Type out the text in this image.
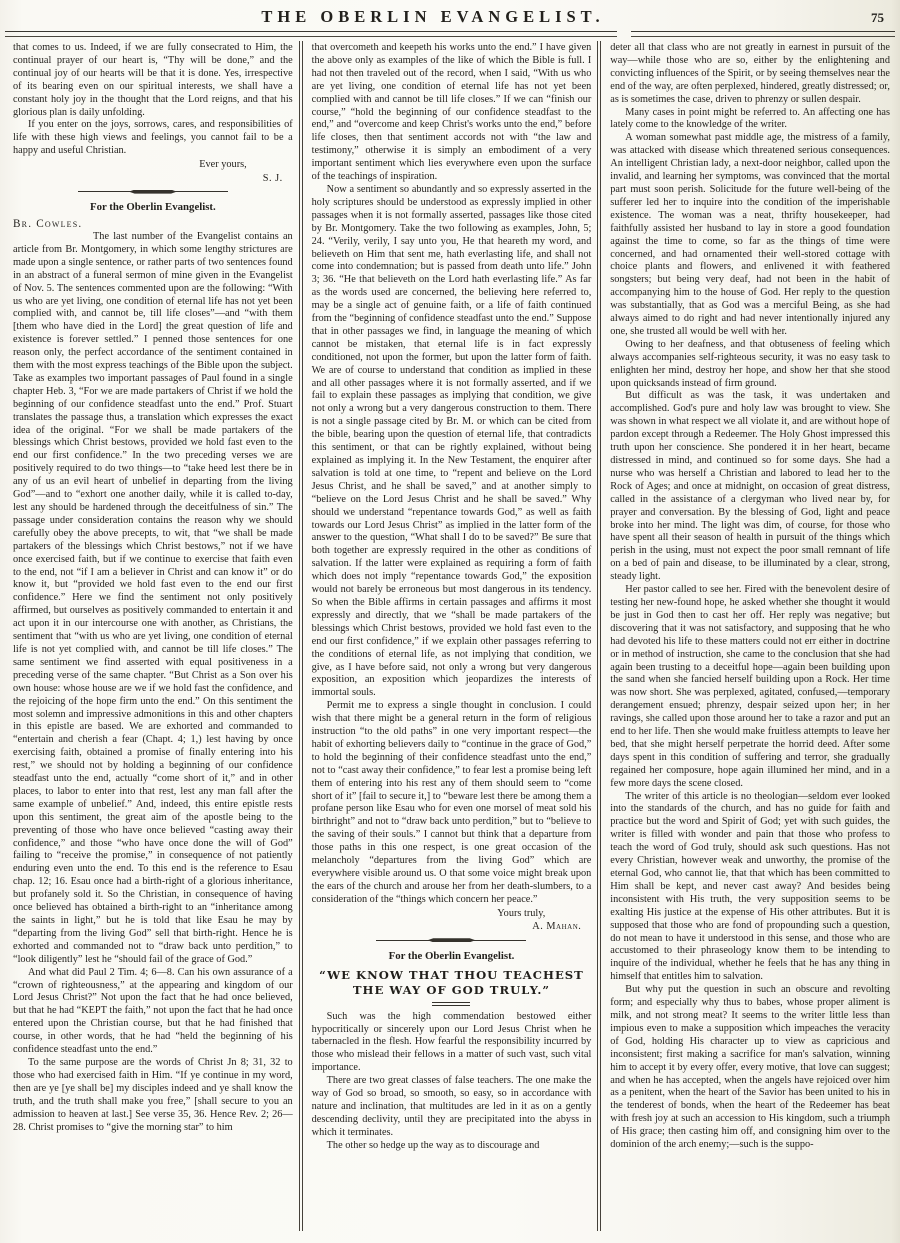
THE OBERLIN EVANGELIST.	75

that comes to us. Indeed, if we are fully consecrated to Him, the continual prayer of our heart is, “Thy will be done,” and the continual joy of our hearts will be that it is done. Yes, irrespective of its bearing even on our spiritual interests, we shall have a constant holy joy in the thought that the Lord reigns, and that his glorious plan is daily unfolding.

If you enter on the joys, sorrows, cares, and responsibilities of life with these high views and feelings, you cannot fail to be a happy and useful Christian.

Ever yours,
S. J.
For the Oberlin Evangelist.
Br. Cowles.

The last number of the Evangelist contains an article from Br. Montgomery, in which some lengthy strictures are made upon a single sentence, or rather parts of two sentences found in an abstract of a funeral sermon of mine given in the Evangelist of Nov. 5. The sentences commented upon are the following: “With us who are yet living, one condition of eternal life has not yet been complied with, and cannot be, till life closes”—and “with them [them who have died in the Lord] the great question of life and existence is forever settled.” I penned those sentences for one reason only, the perfect accordance of the sentiment contained in them with the most express teachings of the Bible upon the subject. Take as examples two important passages of Paul found in a single chapter Heb. 3, “For we are made partakers of Christ if we hold the beginning of our confidence steadfast unto the end.” Prof. Stuart translates the passage thus, a translation which expresses the exact idea of the original. “For we shall be made partakers of the blessings which Christ bestows, provided we hold fast even to the end our first confidence.” In the two preceding verses we are positively required to do two things—to “take heed lest there be in any of us an evil heart of unbelief in departing from the living God”—and to “exhort one another daily, while it is called to-day, lest any should be hardened through the deceitfulness of sin.” The passage under consideration contains the reason why we should carefully obey the above precepts, to wit, that “we shall be made partakers of the blessings which Christ bestows,” not if we have once exercised faith, but if we continue to exercise that faith even to the end, not “if I am a believer in Christ and can know it” or do know it, but “provided we hold fast even to the end our first confidence.” Here we find the sentiment not only positively affirmed, but ourselves as positively commanded to entertain it and act upon it in our intercourse one with another, as Christians, the sentiment that “with us who are yet living, one condition of eternal life is not yet complied with, and cannot be till life closes.” The same sentiment we find asserted with equal positiveness in a preceding verse of the same chapter. “But Christ as a Son over his own house: whose house are we if we hold fast the confidence, and the rejoicing of the hope firm unto the end.” On this sentiment the most solemn and impressive admonitions in this and other chapters in this epistle are based. We are exhorted and commanded to “entertain and cherish a fear (Chapt. 4; 1,) lest having by once exercising faith, obtained a promise of finally entering into his rest,” we should not by holding a beginning of our confidence steadfast unto the end, actually “come short of it,” and in other places, to labor to enter into that rest, lest any man fall after the same example of unbelief.” And, indeed, this entire epistle rests upon this sentiment, the great aim of the apostle being to the preventing of those who have once believed “casting away their confidence,” and those “who have once done the will of God” failing to “receive the promise,” in consequence of not patiently enduring even unto the end. To this end is the reference to Esau chap. 12; 16. Esau once had a birth-right of a glorious inheritance, but profanely sold it. So the Christian, in consequence of having once believed has obtained a birth-right to an “inheritance among the saints in light,” but he is told that like Esau he may by “departing from the living God” sell that birth-right. Hence he is exhorted and commanded not to “draw back unto perdition,” to “look diligently” lest he “should fail of the grace of God.”

And what did Paul 2 Tim. 4; 6—8. Can his own assurance of a “crown of righteousness,” at the appearing and kingdom of our Lord Jesus Christ?” Not upon the fact that he had once believed, but that he had “KEPT the faith,” not upon the fact that he had once entered upon the Christian course, but that he had finished that course, in other words, that he had “held the beginning of his confidence steadfast unto the end.”

To the same purpose are the words of Christ Jn 8; 31, 32 to those who had exercised faith in Him. “If ye continue in my word, then are ye [ye shall be] my disciples indeed and ye shall know the truth, and the truth shall make you free,” [shall secure to you an admission to heaven at last.] See verse 35, 36. Hence Rev. 2; 26—28. Christ promises to “give the morning star” to him

that overcometh and keepeth his works unto the end.” I have given the above only as examples of the like of which the Bible is full. I had not then traveled out of the record, when I said, “With us who are yet living, one condition of eternal life has not yet been complied with and cannot be till life closes.” If we can “finish our course,” “hold the beginning of our confidence steadfast to the end,” and “overcome and keep Christ's works unto the end,” before life closes, then that sentiment accords not with “the law and testimony,” otherwise it is simply an embodiment of a very important sentiment which lies everywhere even upon the surface of the teachings of inspiration.

Now a sentiment so abundantly and so expressly asserted in the holy scriptures should be understood as expressly implied in other passages when it is not formally asserted, passages like those cited by Br. Montgomery. Take the two following as examples, John, 5; 24. “Verily, verily, I say unto you, He that heareth my word, and believeth on Him that sent me, hath everlasting life, and shall not come into condemnation; but is passed from death unto life.” John 3; 36. “He that believeth on the Lord hath everlasting life.” As far as the words used are concerned, the believing here referred to, may be a single act of genuine faith, or a life of faith continued from the “beginning of confidence steadfast unto the end.” Suppose that in other passages we find, in language the meaning of which cannot be mistaken, that eternal life is in fact expressly conditioned, not upon the former, but upon the latter form of faith. We are of course to understand that condition as implied in these and all other passages where it is not formally asserted, and if we fail to explain these passages as implying that condition, we give not only a wrong but a very dangerous construction to them. There is not a single passage cited by Br. M. or which can be cited from the bible, bearing upon the question of eternal life, that contradicts this sentiment, or that can be rightly explained, without being explained as implying it. In the New Testament, the enquirer after salvation is told at one time, to “repent and believe on the Lord Jesus Christ, and he shall be saved,” and at another simply to “believe on the Lord Jesus Christ and he shall be saved.” Why should we understand “repentance towards God,” as well as faith towards our Lord Jesus Christ” as implied in the latter form of the answer to the question, “What shall I do to be saved?” Be sure that both together are expressly required in the other as conditions of salvation. If the latter were explained as requiring a form of faith which does not imply “repentance towards God,” the exposition would not barely be erroneous but most dangerous in its tendency. So when the Bible affirms in certain passages and affirms it most expressly and directly, that we “shall be made partakers of the blessings which Christ bestows, provided we hold fast even to the end our first confidence,” if we explain other passages referring to the conditions of eternal life, as not implying that condition, we give, as I have before said, not only a wrong but very dangerous exposition, an exposition which jeopardizes the interests of immortal souls.

Permit me to express a single thought in conclusion. I could wish that there might be a general return in the form of religious instruction “to the old paths” in one very important respect—the habit of exhorting believers daily to “continue in the grace of God,” to hold the beginning of their confidence steadfast unto the end,” not to “cast away their confidence,” to fear lest a promise being left them of entering into his rest any of them should seem to “come short of it” [fail to secure it,] to “beware lest there be among them a profane person like Esau who for even one morsel of meat sold his birthright” and not to “draw back unto perdition,” but to “believe to the saving of their souls.” I cannot but think that a departure from those paths in this one respect, is one great occasion of the melancholy “departures from the living God” which are everywhere visible around us. O that some voice might break upon the ears of the church and arouse her from her death-slumbers, to a consideration of the “things which concern her peace.”

Yours truly,
A. Mahan.
For the Oberlin Evangelist.
“WE KNOW THAT THOU TEACHEST THE WAY OF GOD TRULY.”

Such was the high commendation bestowed either hypocritically or sincerely upon our Lord Jesus Christ when he tabernacled in the flesh. How fearful the responsibility incurred by those who mislead their fellows in a matter of such vast, such vital importance.

There are two great classes of false teachers. The one make the way of God so broad, so smooth, so easy, so in accordance with nature and inclination, that multitudes are led in it as on a gently descending declivity, until they are precipitated into the abyss in which it terminates.

The other so hedge up the way as to discourage and

deter all that class who are not greatly in earnest in pursuit of the way—while those who are so, either by the enlightening and convicting influences of the Spirit, or by seeing themselves near the end of the way, are often perplexed, hindered, greatly distressed; or, as is sometimes the case, driven to phrenzy or sullen despair.

Many cases in point might be referred to. An affecting one has lately come to the knowledge of the writer.

A woman somewhat past middle age, the mistress of a family, was attacked with disease which threatened serious consequences. An intelligent Christian lady, a next-door neighbor, called upon the invalid, and learning her symptoms, was convinced that the mortal part must soon perish. Solicitude for the future well-being of the sufferer led her to inquire into the condition of the imperishable existence. The woman was a neat, thrifty housekeeper, had faithfully assisted her husband to lay in store a good foundation against the time to come, so far as the things of time were concerned, and had ornamented their well-stored cottage with choice plants and flowers, and enlivened it with feathered songsters; but being very deaf, had not been in the habit of accompanying him to the house of God. Her reply to the question was substantially, that as God was a merciful Being, as she had always aimed to do right and had never intentionally injured any one, she trusted all would be well with her.

Owing to her deafness, and that obtuseness of feeling which always accompanies self-righteous security, it was no easy task to enlighten her mind, destroy her hope, and show her that she stood upon quicksands instead of firm ground.

But difficult as was the task, it was undertaken and accomplished. God's pure and holy law was brought to view. She was shown in what respect we all violate it, and are without hope of pardon except through a Redeemer. The Holy Ghost impressed this truth upon her conscience. She pondered it in her heart, became distressed in mind, and continued so for some days. She had a nurse who was herself a Christian and labored to lead her to the Rock of Ages; and once at midnight, on occasion of great distress, called in the assistance of a clergyman who lived near by, for prayer and conversation. By the blessing of God, light and peace broke into her mind. The light was dim, of course, for those who have spent all their season of health in pursuit of the things which perish in the using, must not expect the poor small remnant of life on a bed of pain and disease, to be illuminated by a clear, strong, steady light.

Her pastor called to see her. Fired with the benevolent desire of testing her new-found hope, he asked whether she thought it would be just in God then to cast her off. Her reply was negative; but discovering that it was not satisfactory, and supposing that he who had devoted his life to these matters could not err either in doctrine or in method of instruction, she came to the conclusion that she had again been trusting to a deceitful hope—again been building upon the sand when she fancied herself building upon a Rock. Her time was now short. She was perplexed, agitated, confused,—temporary derangement ensued; phrenzy, despair seized upon her; in her ravings, she called upon those around her to take a razor and put an end to her life. Then she would make fruitless attempts to leave her bed, that she might herself perpetrate the horrid deed. After some days spent in this condition of suffering and terror, she gradually regained her composure, hope again illumined her mind, and in a few more days the scene closed.

The writer of this article is no theologian—seldom ever looked into the standards of the church, and has no guide for faith and practice but the word and Spirit of God; yet with such guides, the writer is filled with wonder and pain that those who profess to teach the word of God truly, should ask such questions. Has not every Christian, however weak and unworthy, the promise of the eternal God, who cannot lie, that that which has been committed to Him shall be kept, and never cast away? And besides being inconsistent with His truth, the very supposition seems to be exalting His justice at the expense of His other attributes. But it is supposed that those who are fond of propounding such a question, do not mean to have it understood in this sense, and those who are accustomed to their phraseology know them to be intending to inquire of the individual, whether he feels that he has any thing in himself that entitles him to salvation.

But why put the question in such an obscure and revolting form; and especially why thus to babes, whose proper aliment is milk, and not strong meat? It seems to the writer little less than impious even to make a supposition which impeaches the veracity of God, holding His character up to view as capricious and inconsistent; first making a sacrifice for man's salvation, winning him to accept it by every offer, every motive, that love can suggest; and when he has accepted, when the angels have rejoiced over him as a penitent, when the heart of the Savior has been united to his in the tenderest of bonds, when the heart of the Redeemer has beat with fresh joy at such an accession to His kingdom, such a triumph of His grace; then casting him off, and consigning him over to the dominion of the arch enemy;—such is the suppo-
